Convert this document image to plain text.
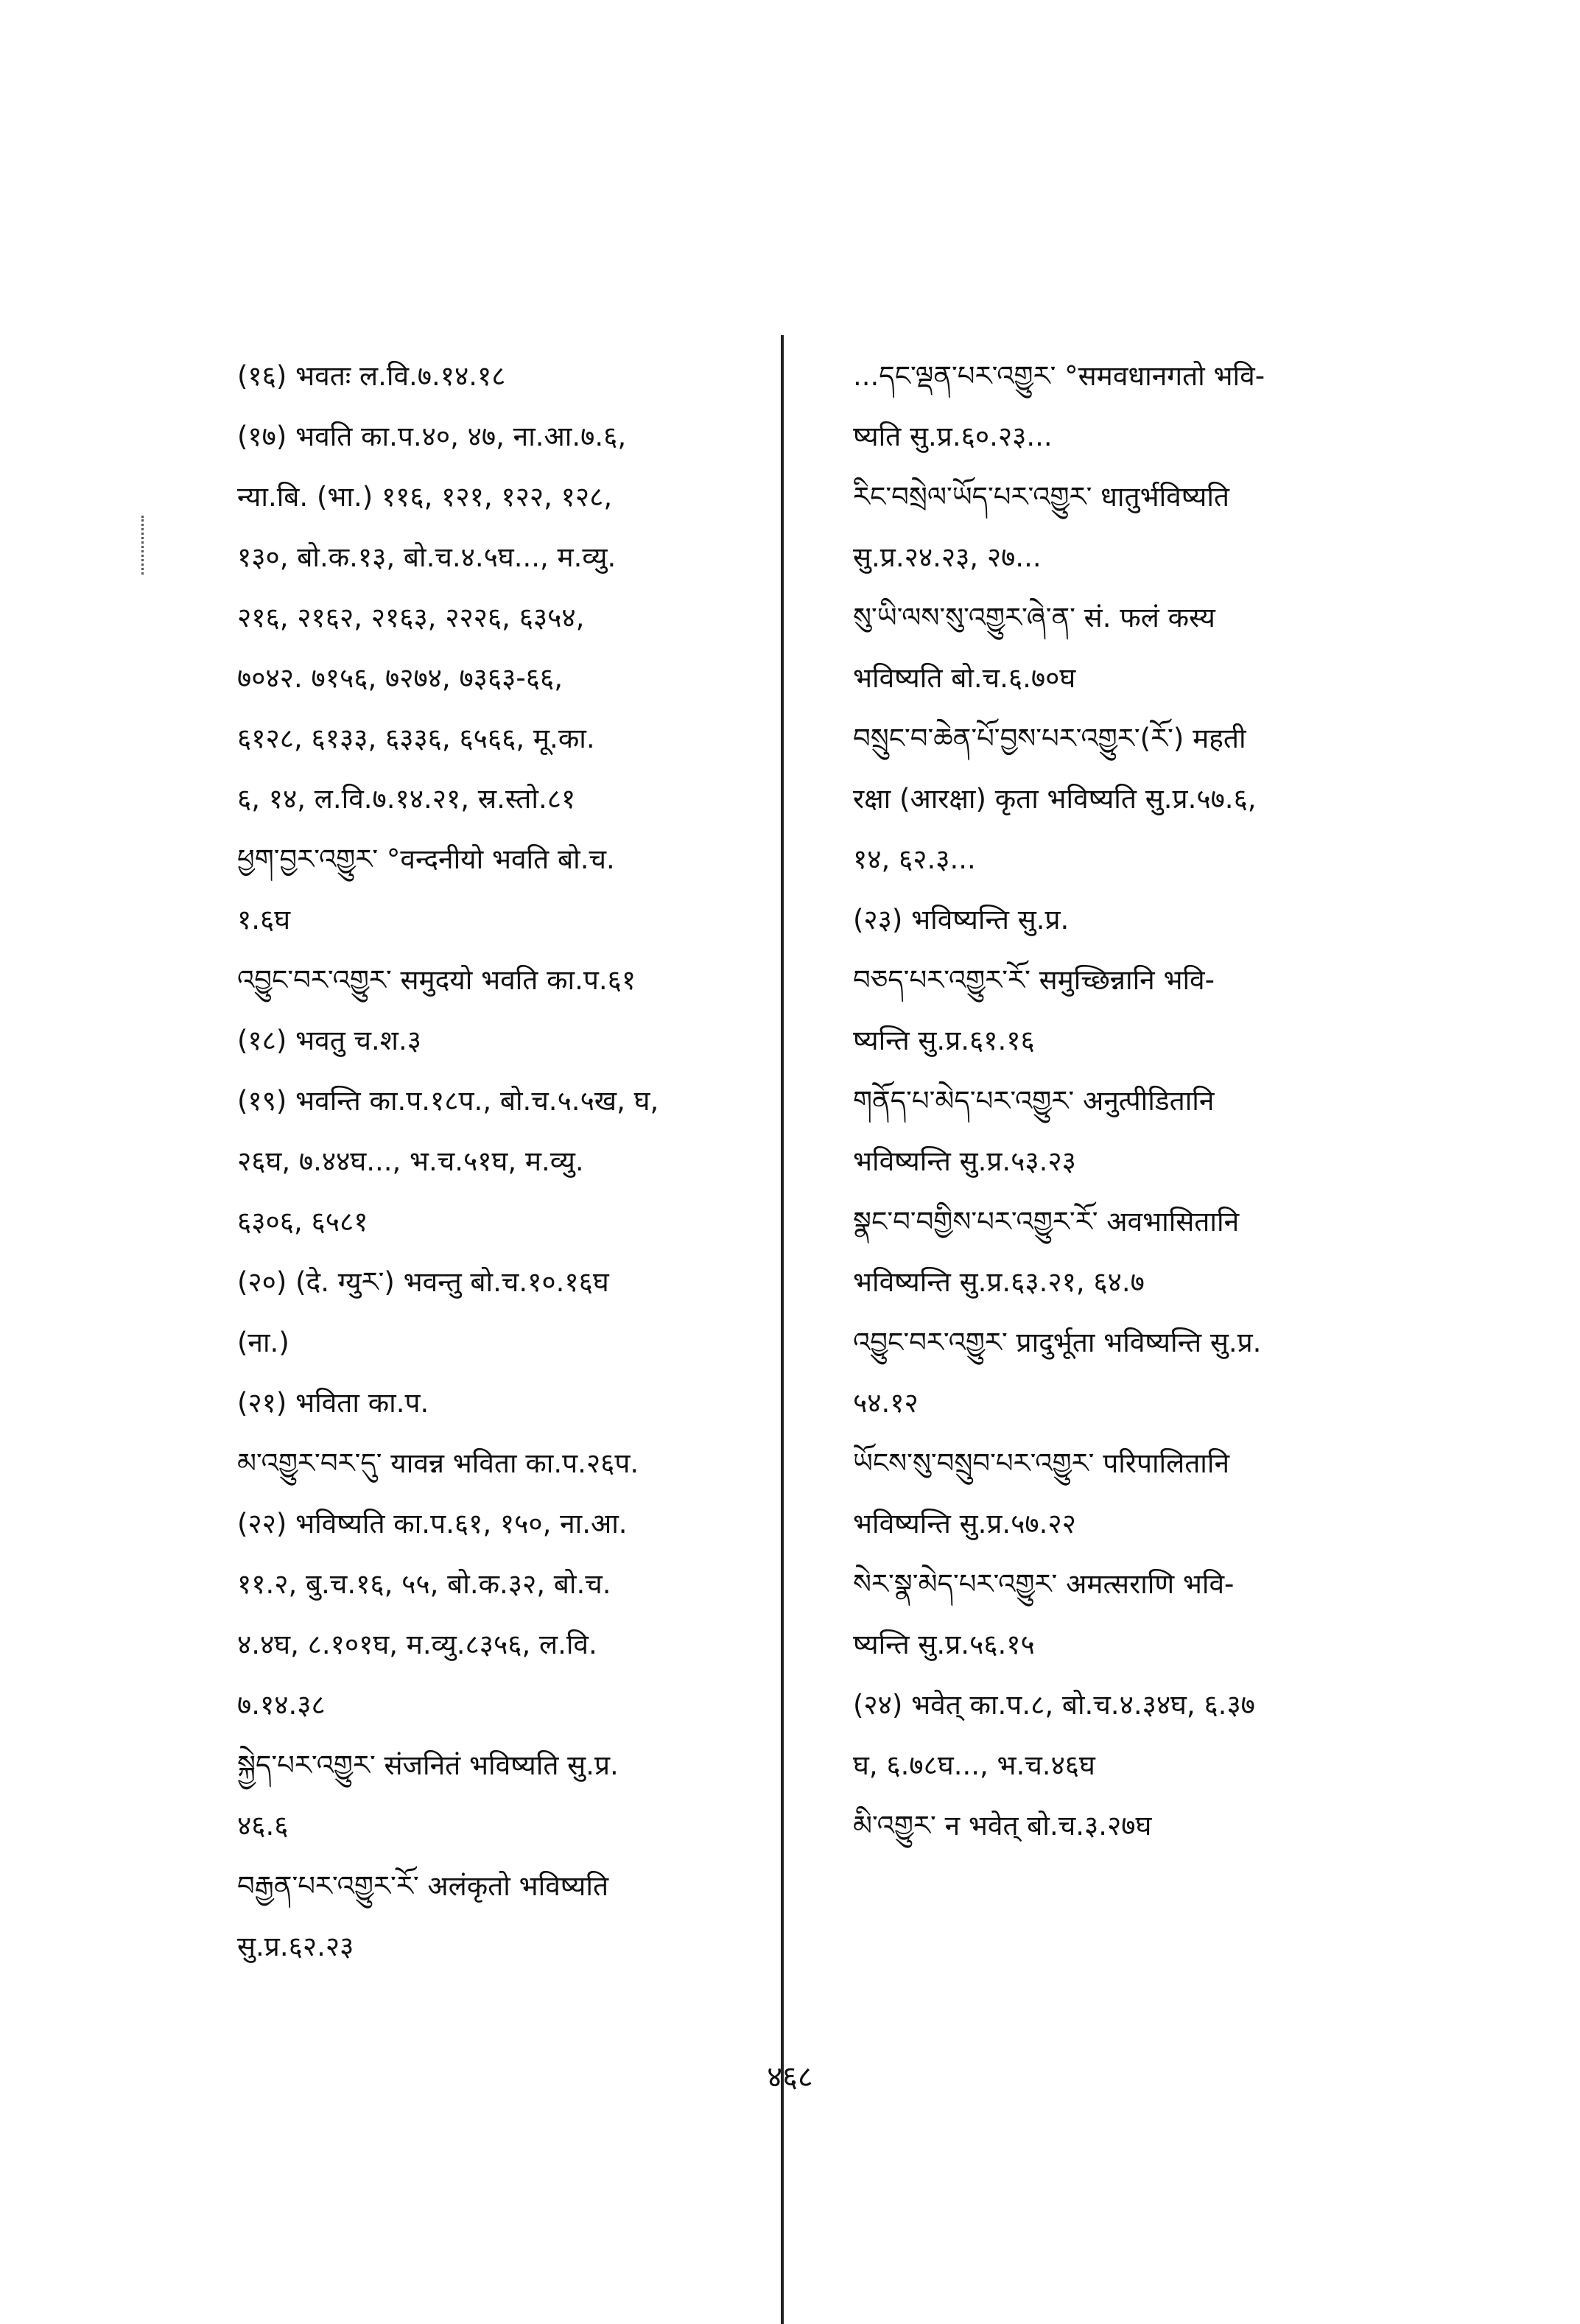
(१६) भवतः ल.वि.७.१४.१८
(१७) भवति का.प.४०, ४७, ना.आ.७.६,
न्या.बि. (भा.) ११६, १२१, १२२, १२८,
१३०, बो.क.१३, बो.च.४.५घ..., म.व्यु.
२१६, २१६२, २१६३, २२२६, ६३५४,
७०४२. ७१५६, ७२७४, ७३६३-६६,
६१२८, ६१३३, ६३३६, ६५६६, मू.का.
६, १४, ल.वि.७.१४.२१, स्र.स्तो.८१
ཕྱག་བྱར་འགྱུར་ °वन्दनीयो भवति बो.च.
१.६घ
འབྱུང་བར་འགྱུར་ समुदयो भवति का.प.६१
(१८) भवतु च.श.३
(१९) भवन्ति का.प.१८प., बो.च.५.५ख, घ,
२६घ, ७.४४घ..., भ.च.५१घ, म.व्यु.
६३०६, ६५८१
(२०) (दे. ग्युར་) भवन्तु बो.च.१०.१६घ
(ना.)
(२१) भविता का.प.
མ་འགྱུར་བར་དུ་ यावन्न भविता का.प.२६प.
(२२) भविष्यति का.प.६१, १५०, ना.आ.
११.२, बु.च.१६, ५५, बो.क.३२, बो.च.
४.४घ, ८.१०१घ, म.व्यु.८३५६, ल.वि.
७.१४.३८
སྐྱེད་པར་འགྱུར་ संजनितं भविष्यति सु.प्र.
४६.६
བརྒྱན་པར་འགྱུར་རོ་ अलंकृतो भविष्यति
सु.प्र.६२.२३
...དང་ལྡན་པར་འགྱུར་ °समवधानगतो भवि-
ष्यति सु.प्र.६०.२३...
རིང་བསྲེལ་ཡོད་པར་འགྱུར་ धातुर्भविष्यति
सु.प्र.२४.२३, २७...
སུ་ཡི་ལས་སུ་འགྱུར་ཞེ་ན་ सं. फलं कस्य
भविष्यति बो.च.६.७०घ
བསྲུང་བ་ཆེན་པོ་བྱས་པར་འགྱུར་(རོ་) महती
रक्षा (आरक्षा) कृता भविष्यति सु.प्र.५७.६,
१४, ६२.३...
(२३) भविष्यन्ति सु.प्र.
བཅད་པར་འགྱུར་རོ་ समुच्छिन्नानि भवि-
ष्यन्ति सु.प्र.६१.१६
གནོད་པ་མེད་པར་འགྱུར་ अनुत्पीडितानि
भविष्यन्ति सु.प्र.५३.२३
སྣང་བ་བགྱིས་པར་འགྱུར་རོ་ अवभासितानि
भविष्यन्ति सु.प्र.६३.२१, ६४.७
འབྱུང་བར་འགྱུར་ प्रादुर्भूता भविष्यन्ति सु.प्र.
५४.१२
ཡོངས་སུ་བསྲུབ་པར་འགྱུར་ परिपालितानि
भविष्यन्ति सु.प्र.५७.२२
སེར་སྣ་མེད་པར་འགྱུར་ अमत्सराणि भवि-
ष्यन्ति सु.प्र.५६.१५
(२४) भवेत् का.प.८, बो.च.४.३४घ, ६.३७
घ, ६.७८घ..., भ.च.४६घ
མི་འགྱུར་ न भवेत् बो.च.३.२७घ
४६८
